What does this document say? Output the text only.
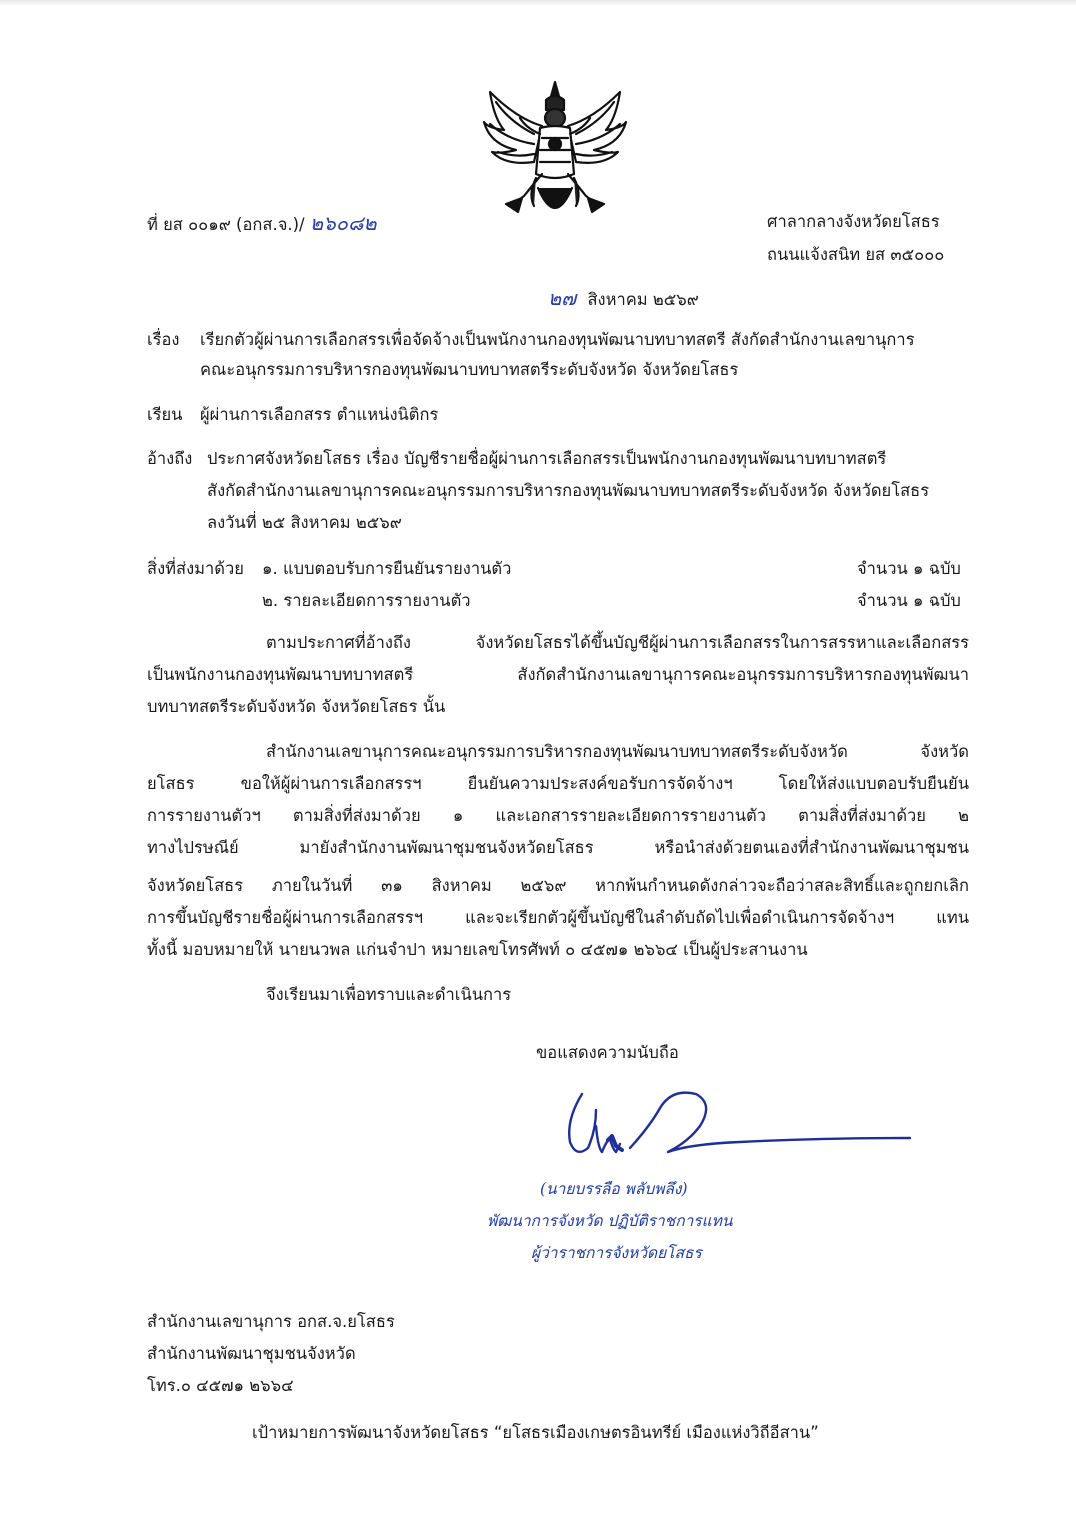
ที่ ยส ๐๐๑๙ (อกส.จ.)/ ๒๖๐๘๒	ศาลากลางจังหวัดยโสธร
ถนนแจ้งสนิท ยส ๓๕๐๐๐
๒๗ สิงหาคม ๒๕๖๙
เรื่อง เรียกตัวผู้ผ่านการเลือกสรรเพื่อจัดจ้างเป็นพนักงานกองทุนพัฒนาบทบาทสตรี สังกัดสำนักงานเลขานุการ
คณะอนุกรรมการบริหารกองทุนพัฒนาบทบาทสตรีระดับจังหวัด จังหวัดยโสธร
เรียน ผู้ผ่านการเลือกสรร ตำแหน่งนิติกร
อ้างถึง ประกาศจังหวัดยโสธร เรื่อง บัญชีรายชื่อผู้ผ่านการเลือกสรรเป็นพนักงานกองทุนพัฒนาบทบาทสตรี
สังกัดสำนักงานเลขานุการคณะอนุกรรมการบริหารกองทุนพัฒนาบทบาทสตรีระดับจังหวัด จังหวัดยโสธร
ลงวันที่ ๒๕ สิงหาคม ๒๕๖๙
สิ่งที่ส่งมาด้วย ๑. แบบตอบรับการยืนยันรายงานตัว	จำนวน ๑ ฉบับ
๒. รายละเอียดการรายงานตัว	จำนวน ๑ ฉบับ
ตามประกาศที่อ้างถึง จังหวัดยโสธรได้ขึ้นบัญชีผู้ผ่านการเลือกสรรในการสรรหาและเลือกสรร
เป็นพนักงานกองทุนพัฒนาบทบาทสตรี สังกัดสำนักงานเลขานุการคณะอนุกรรมการบริหารกองทุนพัฒนา
บทบาทสตรีระดับจังหวัด จังหวัดยโสธร นั้น
สำนักงานเลขานุการคณะอนุกรรมการบริหารกองทุนพัฒนาบทบาทสตรีระดับจังหวัด จังหวัด
ยโสธร ขอให้ผู้ผ่านการเลือกสรรฯ ยืนยันความประสงค์ขอรับการจัดจ้างฯ โดยให้ส่งแบบตอบรับยืนยัน
การรายงานตัวฯ ตามสิ่งที่ส่งมาด้วย ๑ และเอกสารรายละเอียดการรายงานตัว ตามสิ่งที่ส่งมาด้วย ๒
ทางไปรษณีย์ มายังสำนักงานพัฒนาชุมชนจังหวัดยโสธร หรือนำส่งด้วยตนเองที่สำนักงานพัฒนาชุมชน
จังหวัดยโสธร ภายในวันที่ ๓๑ สิงหาคม ๒๕๖๙ หากพ้นกำหนดดังกล่าวจะถือว่าสละสิทธิ์และถูกยกเลิก
การขึ้นบัญชีรายชื่อผู้ผ่านการเลือกสรรฯ และจะเรียกตัวผู้ขึ้นบัญชีในลำดับถัดไปเพื่อดำเนินการจัดจ้างฯ แทน
ทั้งนี้ มอบหมายให้ นายนวพล แก่นจำปา หมายเลขโทรศัพท์ ๐ ๔๕๗๑ ๒๖๖๔ เป็นผู้ประสานงาน
จึงเรียนมาเพื่อทราบและดำเนินการ
ขอแสดงความนับถือ
(นายบรรลือ พลับพลึง)
พัฒนาการจังหวัด ปฏิบัติราชการแทน
ผู้ว่าราชการจังหวัดยโสธร
สำนักงานเลขานุการ อกส.จ.ยโสธร
สำนักงานพัฒนาชุมชนจังหวัด
โทร.๐ ๔๕๗๑ ๒๖๖๔
เป้าหมายการพัฒนาจังหวัดยโสธร “ยโสธรเมืองเกษตรอินทรีย์ เมืองแห่งวิถีอีสาน”
